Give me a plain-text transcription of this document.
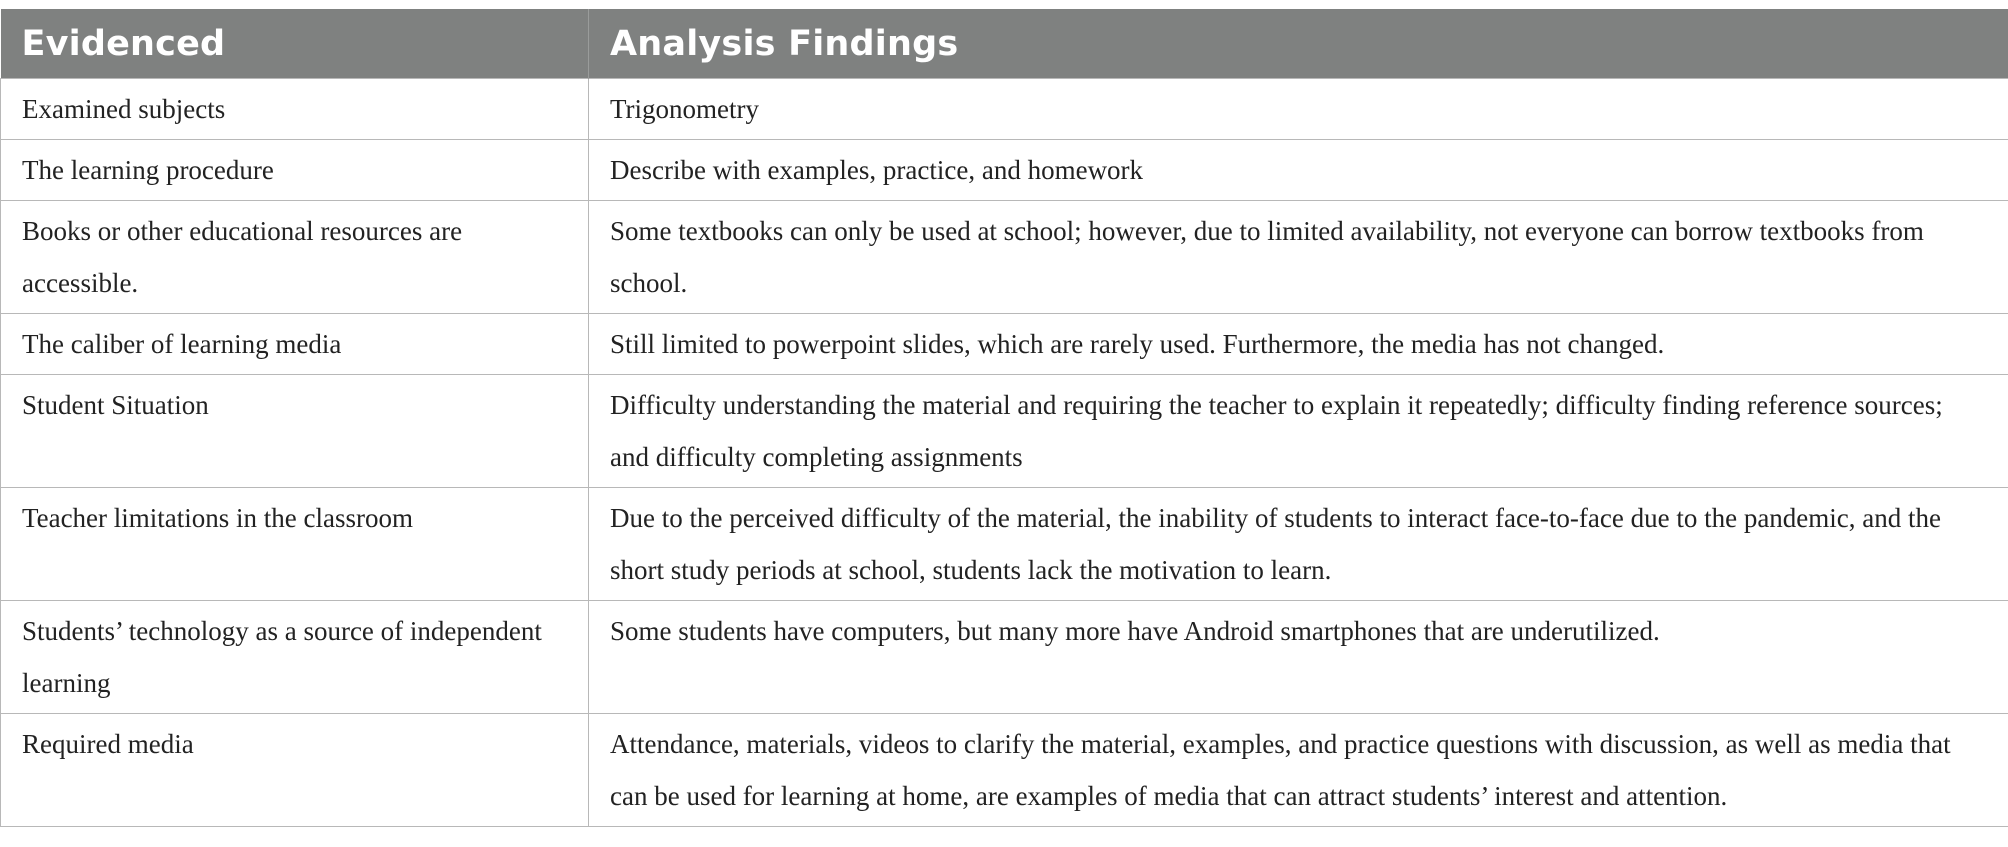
Evidenced	Analysis Findings
Examined subjects	Trigonometry
The learning procedure	Describe with examples, practice, and homework
Books or other educational resources are accessible.	Some textbooks can only be used at school; however, due to limited availability, not everyone can borrow textbooks from school.
The caliber of learning media	Still limited to powerpoint slides, which are rarely used. Furthermore, the media has not changed.
Student Situation	Difficulty understanding the material and requiring the teacher to explain it repeatedly; difficulty finding reference sources; and difficulty completing assignments
Teacher limitations in the classroom	Due to the perceived difficulty of the material, the inability of students to interact face-to-face due to the pandemic, and the short study periods at school, students lack the motivation to learn.
Students’ technology as a source of independent learning	Some students have computers, but many more have Android smartphones that are underutilized.
Required media	Attendance, materials, videos to clarify the material, examples, and practice questions with discussion, as well as media that can be used for learning at home, are examples of media that can attract students’ interest and attention.
